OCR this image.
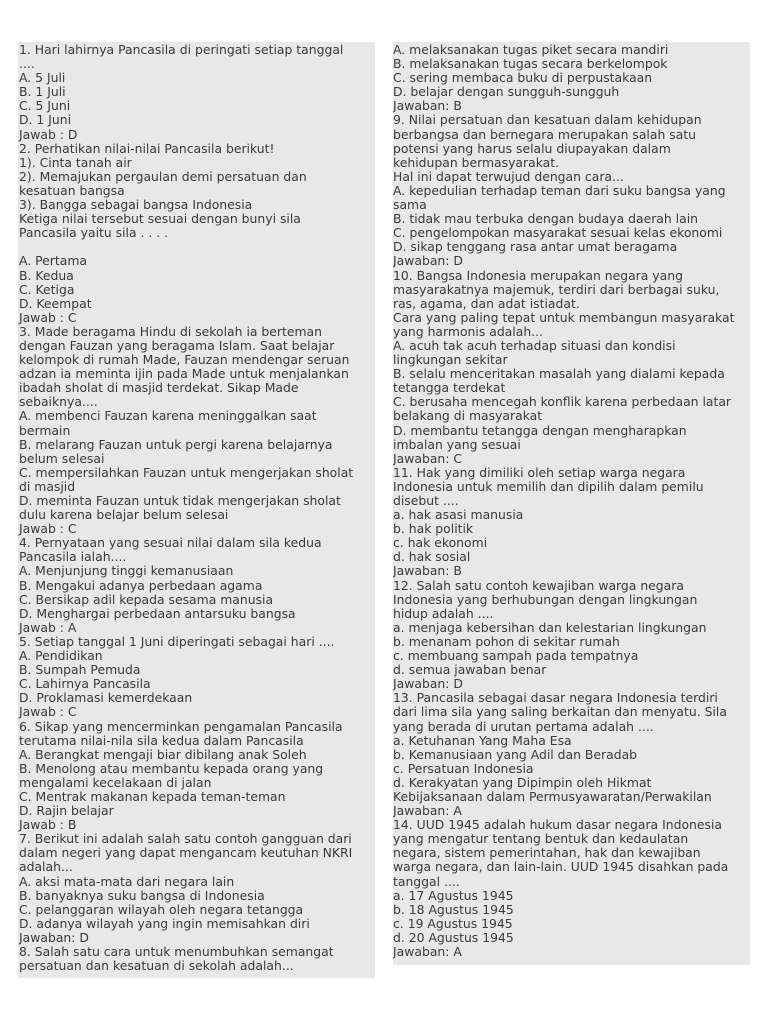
1. Hari lahirnya Pancasila di peringati setiap tanggal
....
A. 5 Juli
B. 1 Juli
C. 5 Juni
D. 1 Juni
Jawab : D
2. Perhatikan nilai-nilai Pancasila berikut!
1). Cinta tanah air
2). Memajukan pergaulan demi persatuan dan
kesatuan bangsa
3). Bangga sebagai bangsa Indonesia
Ketiga nilai tersebut sesuai dengan bunyi sila
Pancasila yaitu sila . . . .
A. Pertama
B. Kedua
C. Ketiga
D. Keempat
Jawab : C
3. Made beragama Hindu di sekolah ia berteman
dengan Fauzan yang beragama Islam. Saat belajar
kelompok di rumah Made, Fauzan mendengar seruan
adzan ia meminta ijin pada Made untuk menjalankan
ibadah sholat di masjid terdekat. Sikap Made
sebaiknya....
A. membenci Fauzan karena meninggalkan saat
bermain
B. melarang Fauzan untuk pergi karena belajarnya
belum selesai
C. mempersilahkan Fauzan untuk mengerjakan sholat
di masjid
D. meminta Fauzan untuk tidak mengerjakan sholat
dulu karena belajar belum selesai
Jawab : C
4. Pernyataan yang sesuai nilai dalam sila kedua
Pancasila ialah....
A. Menjunjung tinggi kemanusiaan
B. Mengakui adanya perbedaan agama
C. Bersikap adil kepada sesama manusia
D. Menghargai perbedaan antarsuku bangsa
Jawab : A
5. Setiap tanggal 1 Juni diperingati sebagai hari ....
A. Pendidikan
B. Sumpah Pemuda
C. Lahirnya Pancasila
D. Proklamasi kemerdekaan
Jawab : C
6. Sikap yang mencerminkan pengamalan Pancasila
terutama nilai-nila sila kedua dalam Pancasila
A. Berangkat mengaji biar dibilang anak Soleh
B. Menolong atau membantu kepada orang yang
mengalami kecelakaan di jalan
C. Mentrak makanan kepada teman-teman
D. Rajin belajar
Jawab : B
7. Berikut ini adalah salah satu contoh gangguan dari
dalam negeri yang dapat mengancam keutuhan NKRI
adalah...
A. aksi mata-mata dari negara lain
B. banyaknya suku bangsa di Indonesia
C. pelanggaran wilayah oleh negara tetangga
D. adanya wilayah yang ingin memisahkan diri
Jawaban: D
8. Salah satu cara untuk menumbuhkan semangat
persatuan dan kesatuan di sekolah adalah...
A. melaksanakan tugas piket secara mandiri
B. melaksanakan tugas secara berkelompok
C. sering membaca buku di perpustakaan
D. belajar dengan sungguh-sungguh
Jawaban: B
9. Nilai persatuan dan kesatuan dalam kehidupan
berbangsa dan bernegara merupakan salah satu
potensi yang harus selalu diupayakan dalam
kehidupan bermasyarakat.
Hal ini dapat terwujud dengan cara...
A. kepedulian terhadap teman dari suku bangsa yang
sama
B. tidak mau terbuka dengan budaya daerah lain
C. pengelompokan masyarakat sesuai kelas ekonomi
D. sikap tenggang rasa antar umat beragama
Jawaban: D
10. Bangsa Indonesia merupakan negara yang
masyarakatnya majemuk, terdiri dari berbagai suku,
ras, agama, dan adat istiadat.
Cara yang paling tepat untuk membangun masyarakat
yang harmonis adalah...
A. acuh tak acuh terhadap situasi dan kondisi
lingkungan sekitar
B. selalu menceritakan masalah yang dialami kepada
tetangga terdekat
C. berusaha mencegah konflik karena perbedaan latar
belakang di masyarakat
D. membantu tetangga dengan mengharapkan
imbalan yang sesuai
Jawaban: C
11. Hak yang dimiliki oleh setiap warga negara
Indonesia untuk memilih dan dipilih dalam pemilu
disebut ....
a. hak asasi manusia
b. hak politik
c. hak ekonomi
d. hak sosial
Jawaban: B
12. Salah satu contoh kewajiban warga negara
Indonesia yang berhubungan dengan lingkungan
hidup adalah ....
a. menjaga kebersihan dan kelestarian lingkungan
b. menanam pohon di sekitar rumah
c. membuang sampah pada tempatnya
d. semua jawaban benar
Jawaban: D
13. Pancasila sebagai dasar negara Indonesia terdiri
dari lima sila yang saling berkaitan dan menyatu. Sila
yang berada di urutan pertama adalah ....
a. Ketuhanan Yang Maha Esa
b. Kemanusiaan yang Adil dan Beradab
c. Persatuan Indonesia
d. Kerakyatan yang Dipimpin oleh Hikmat
Kebijaksanaan dalam Permusyawaratan/Perwakilan
Jawaban: A
14. UUD 1945 adalah hukum dasar negara Indonesia
yang mengatur tentang bentuk dan kedaulatan
negara, sistem pemerintahan, hak dan kewajiban
warga negara, dan lain-lain. UUD 1945 disahkan pada
tanggal ....
a. 17 Agustus 1945
b. 18 Agustus 1945
c. 19 Agustus 1945
d. 20 Agustus 1945
Jawaban: A
